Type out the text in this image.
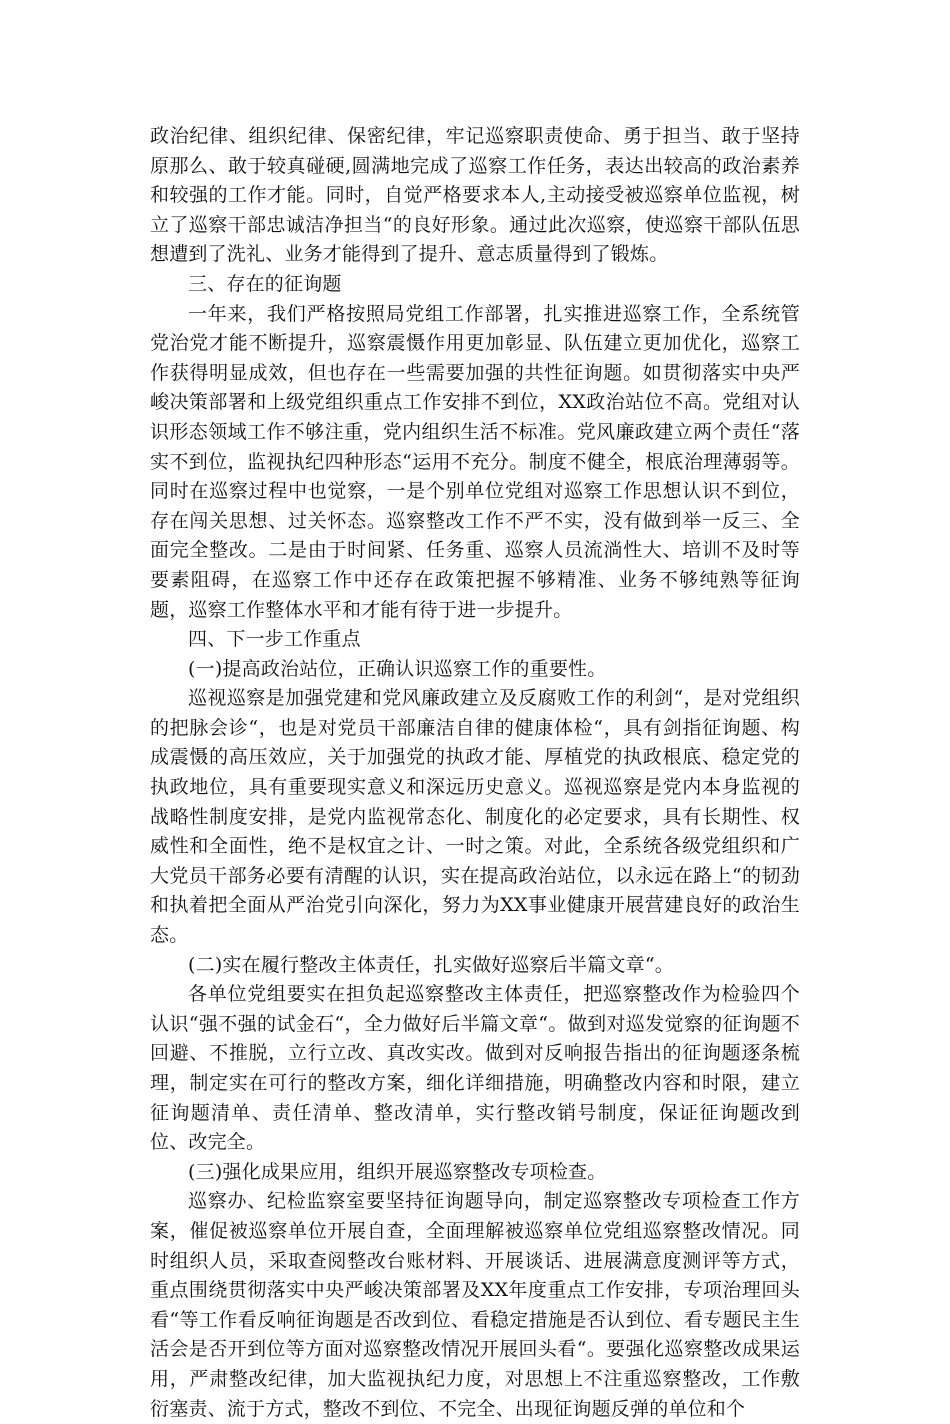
政治纪律、组织纪律、保密纪律，牢记巡察职责使命、勇于担当、敢于坚持原那么、敢于较真碰硬,圆满地完成了巡察工作任务，表达出较高的政治素养和较强的工作才能。同时，自觉严格要求本人,主动接受被巡察单位监视，树立了巡察干部忠诚洁净担当“的良好形象。通过此次巡察，使巡察干部队伍思想遭到了洗礼、业务才能得到了提升、意志质量得到了锻炼。

三、存在的征询题

一年来，我们严格按照局党组工作部署，扎实推进巡察工作，全系统管党治党才能不断提升，巡察震慑作用更加彰显、队伍建立更加优化，巡察工作获得明显成效，但也存在一些需要加强的共性征询题。如贯彻落实中央严峻决策部署和上级党组织重点工作安排不到位，XX政治站位不高。党组对认识形态领域工作不够注重，党内组织生活不标准。党风廉政建立两个责任“落实不到位，监视执纪四种形态“运用不充分。制度不健全，根底治理薄弱等。同时在巡察过程中也觉察，一是个别单位党组对巡察工作思想认识不到位，存在闯关思想、过关怀态。巡察整改工作不严不实，没有做到举一反三、全面完全整改。二是由于时间紧、任务重、巡察人员流淌性大、培训不及时等要素阻碍，在巡察工作中还存在政策把握不够精准、业务不够纯熟等征询题，巡察工作整体水平和才能有待于进一步提升。

四、下一步工作重点

(一)提高政治站位，正确认识巡察工作的重要性。

巡视巡察是加强党建和党风廉政建立及反腐败工作的利剑“，是对党组织的把脉会诊“，也是对党员干部廉洁自律的健康体检“，具有剑指征询题、构成震慑的高压效应，关于加强党的执政才能、厚植党的执政根底、稳定党的执政地位，具有重要现实意义和深远历史意义。巡视巡察是党内本身监视的战略性制度安排，是党内监视常态化、制度化的必定要求，具有长期性、权威性和全面性，绝不是权宜之计、一时之策。对此，全系统各级党组织和广大党员干部务必要有清醒的认识，实在提高政治站位，以永远在路上“的韧劲和执着把全面从严治党引向深化，努力为XX事业健康开展营建良好的政治生态。

(二)实在履行整改主体责任，扎实做好巡察后半篇文章“。

各单位党组要实在担负起巡察整改主体责任，把巡察整改作为检验四个认识“强不强的试金石“，全力做好后半篇文章“。做到对巡发觉察的征询题不回避、不推脱，立行立改、真改实改。做到对反响报告指出的征询题逐条梳理，制定实在可行的整改方案，细化详细措施，明确整改内容和时限，建立征询题清单、责任清单、整改清单，实行整改销号制度，保证征询题改到位、改完全。

(三)强化成果应用，组织开展巡察整改专项检查。

巡察办、纪检监察室要坚持征询题导向，制定巡察整改专项检查工作方案，催促被巡察单位开展自查，全面理解被巡察单位党组巡察整改情况。同时组织人员，采取查阅整改台账材料、开展谈话、进展满意度测评等方式，重点围绕贯彻落实中央严峻决策部署及XX年度重点工作安排，专项治理回头看“等工作看反响征询题是否改到位、看稳定措施是否认到位、看专题民主生活会是否开到位等方面对巡察整改情况开展回头看“。要强化巡察整改成果运用，严肃整改纪律，加大监视执纪力度，对思想上不注重巡察整改，工作敷衍塞责、流于方式，整改不到位、不完全、出现征询题反弹的单位和个
